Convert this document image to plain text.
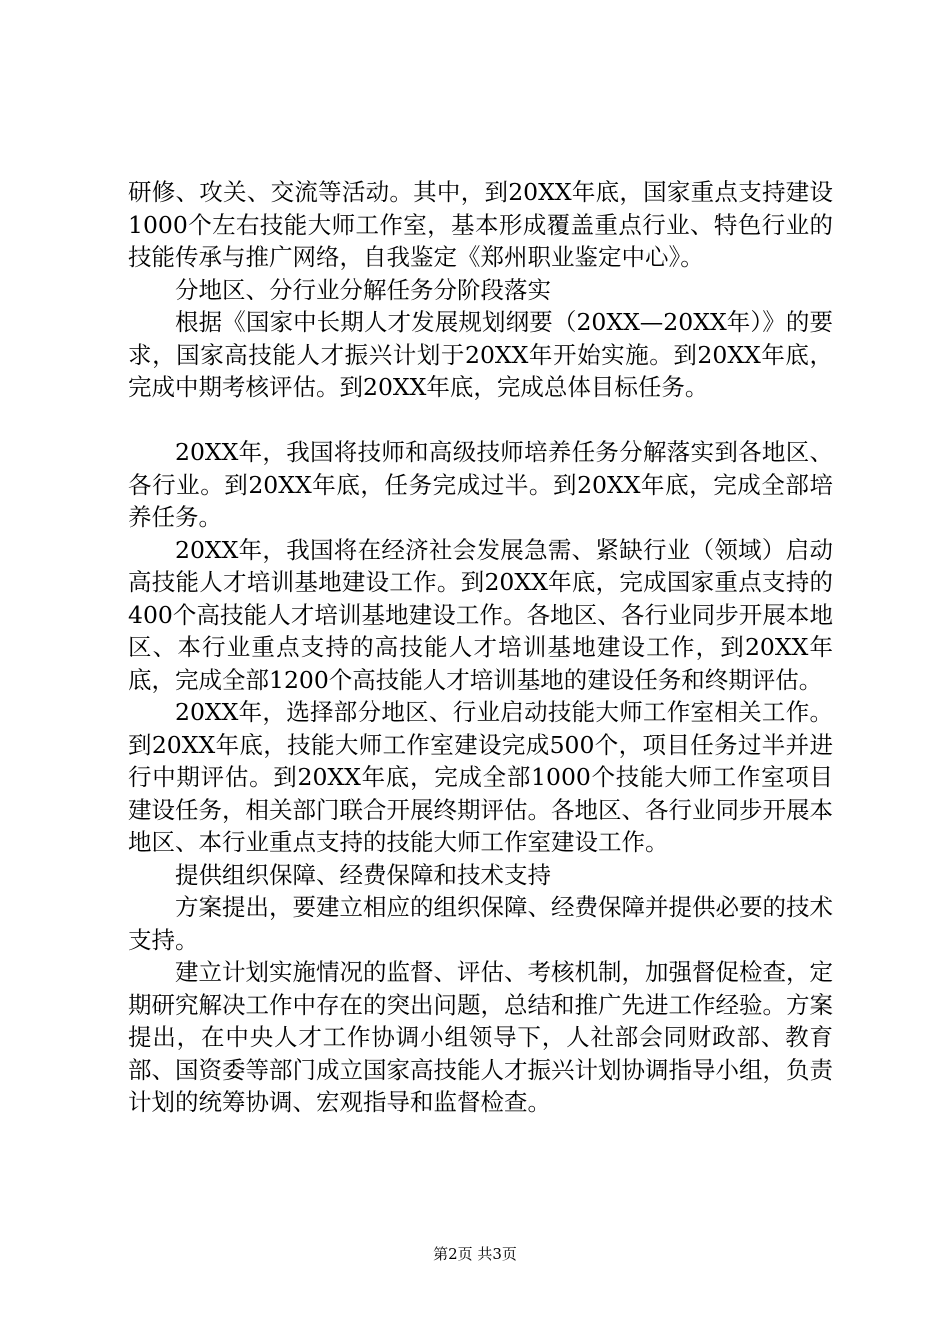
研修、攻关、交流等活动。其中，到20XX年底，国家重点支持建设1000个左右技能大师工作室，基本形成覆盖重点行业、特色行业的技能传承与推广网络，自我鉴定《郑州职业鉴定中心》。

分地区、分行业分解任务分阶段落实

根据《国家中长期人才发展规划纲要（20XX—20XX年）》的要求，国家高技能人才振兴计划于20XX年开始实施。到20XX年底，完成中期考核评估。到20XX年底，完成总体目标任务。

20XX年，我国将技师和高级技师培养任务分解落实到各地区、各行业。到20XX年底，任务完成过半。到20XX年底，完成全部培养任务。

20XX年，我国将在经济社会发展急需、紧缺行业（领域）启动高技能人才培训基地建设工作。到20XX年底，完成国家重点支持的400个高技能人才培训基地建设工作。各地区、各行业同步开展本地区、本行业重点支持的高技能人才培训基地建设工作，到20XX年底，完成全部1200个高技能人才培训基地的建设任务和终期评估。

20XX年，选择部分地区、行业启动技能大师工作室相关工作。到20XX年底，技能大师工作室建设完成500个，项目任务过半并进行中期评估。到20XX年底，完成全部1000个技能大师工作室项目建设任务，相关部门联合开展终期评估。各地区、各行业同步开展本地区、本行业重点支持的技能大师工作室建设工作。

提供组织保障、经费保障和技术支持

方案提出，要建立相应的组织保障、经费保障并提供必要的技术支持。

建立计划实施情况的监督、评估、考核机制，加强督促检查，定期研究解决工作中存在的突出问题，总结和推广先进工作经验。方案提出，在中央人才工作协调小组领导下，人社部会同财政部、教育部、国资委等部门成立国家高技能人才振兴计划协调指导小组，负责计划的统筹协调、宏观指导和监督检查。

第2页 共3页
